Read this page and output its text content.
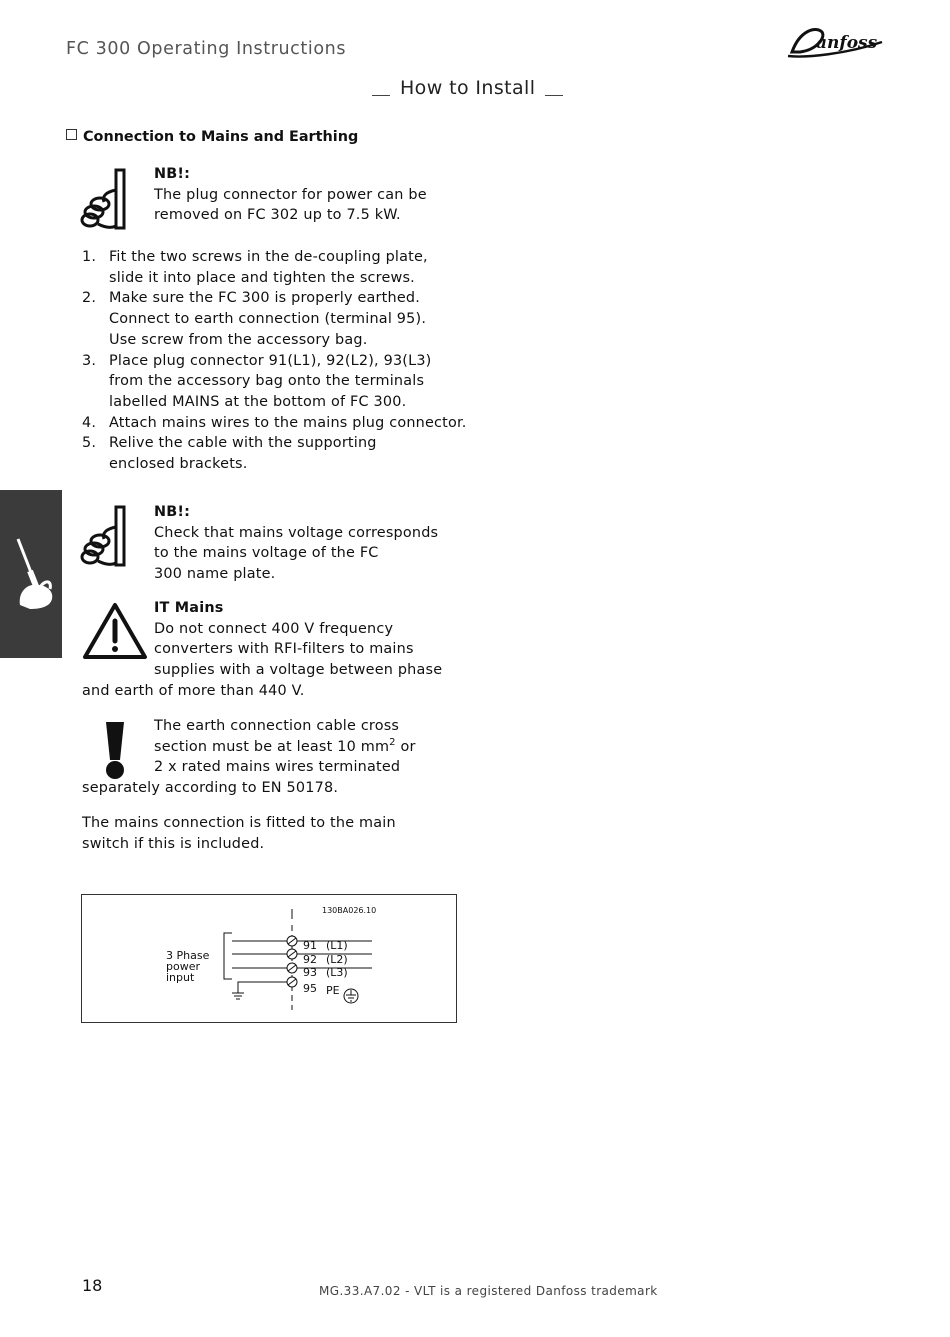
FC 300 Operating Instructions	anfoss
How to Install
Connection to Mains and Earthing
NB!:
The plug connector for power can be
removed on FC 302 up to 7.5 kW.
1. Fit the two screws in the de-coupling plate,
slide it into place and tighten the screws.
2. Make sure the FC 300 is properly earthed.
Connect to earth connection (terminal 95).
Use screw from the accessory bag.
3. Place plug connector 91(L1), 92(L2), 93(L3)
from the accessory bag onto the terminals
labelled MAINS at the bottom of FC 300.
4. Attach mains wires to the mains plug connector.
5. Relive the cable with the supporting
enclosed brackets.
NB!:
Check that mains voltage corresponds
to the mains voltage of the FC
300 name plate.
IT Mains
Do not connect 400 V frequency
converters with RFI-filters to mains
supplies with a voltage between phase
and earth of more than 440 V.
The earth connection cable cross
section must be at least 10 $mm^2$ or
2 x rated mains wires terminated
separately according to EN 50178.
The mains connection is fitted to the main
switch if this is included.
130BA026.10
3 Phase power input
91 (L1) 92 (L2) 93 (L3) 95 PE
18	MG.33.A7.02 - VLT is a registered Danfoss trademark
